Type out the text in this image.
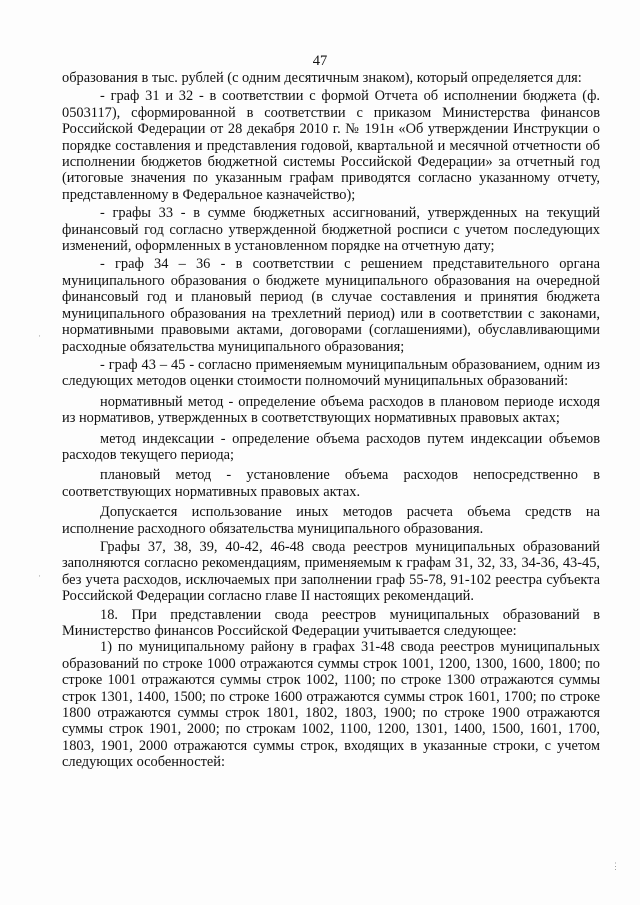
47

образования в тыс. рублей (с одним десятичным знаком), который определяется для:

- граф 31 и 32 - в соответствии с формой Отчета об исполнении бюджета (ф. 0503117), сформированной в соответствии с приказом Министерства финансов Российской Федерации от 28 декабря 2010 г. № 191н «Об утверждении Инструкции о порядке составления и представления годовой, квартальной и месячной отчетности об исполнении бюджетов бюджетной системы Российской Федерации» за отчетный год (итоговые значения по указанным графам приводятся согласно указанному отчету, представленному в Федеральное казначейство);

- графы 33 - в сумме бюджетных ассигнований, утвержденных на текущий финансовый год согласно утвержденной бюджетной росписи с учетом последующих изменений, оформленных в установленном порядке на отчетную дату;

- граф 34 – 36 - в соответствии с решением представительного органа муниципального образования о бюджете муниципального образования на очередной финансовый год и плановый период (в случае составления и принятия бюджета муниципального образования на трехлетний период) или в соответствии с законами, нормативными правовыми актами, договорами (соглашениями), обуславливающими расходные обязательства муниципального образования;

- граф 43 – 45 - согласно применяемым муниципальным образованием, одним из следующих методов оценки стоимости полномочий муниципальных образований:

нормативный метод - определение объема расходов в плановом периоде исходя из нормативов, утвержденных в соответствующих нормативных правовых актах;

метод индексации - определение объема расходов путем индексации объемов расходов текущего периода;

плановый метод - установление объема расходов непосредственно в соответствующих нормативных правовых актах.

Допускается использование иных методов расчета объема средств на исполнение расходного обязательства муниципального образования.

Графы 37, 38, 39, 40-42, 46-48 свода реестров муниципальных образований заполняются согласно рекомендациям, применяемым к графам 31, 32, 33, 34-36, 43-45, без учета расходов, исключаемых при заполнении граф 55-78, 91-102 реестра субъекта Российской Федерации согласно главе II настоящих рекомендаций.

18. При представлении свода реестров муниципальных образований в Министерство финансов Российской Федерации учитывается следующее:

1) по муниципальному району в графах 31-48 свода реестров муниципальных образований по строке 1000 отражаются суммы строк 1001, 1200, 1300, 1600, 1800; по строке 1001 отражаются суммы строк 1002, 1100; по строке 1300 отражаются суммы строк 1301, 1400, 1500; по строке 1600 отражаются суммы строк 1601, 1700; по строке 1800 отражаются суммы строк 1801, 1802, 1803, 1900; по строке 1900 отражаются суммы строк 1901, 2000; по строкам 1002, 1100, 1200, 1301, 1400, 1500, 1601, 1700, 1803, 1901, 2000 отражаются суммы строк, входящих в указанные строки, с учетом следующих особенностей:

·
·
⋮
